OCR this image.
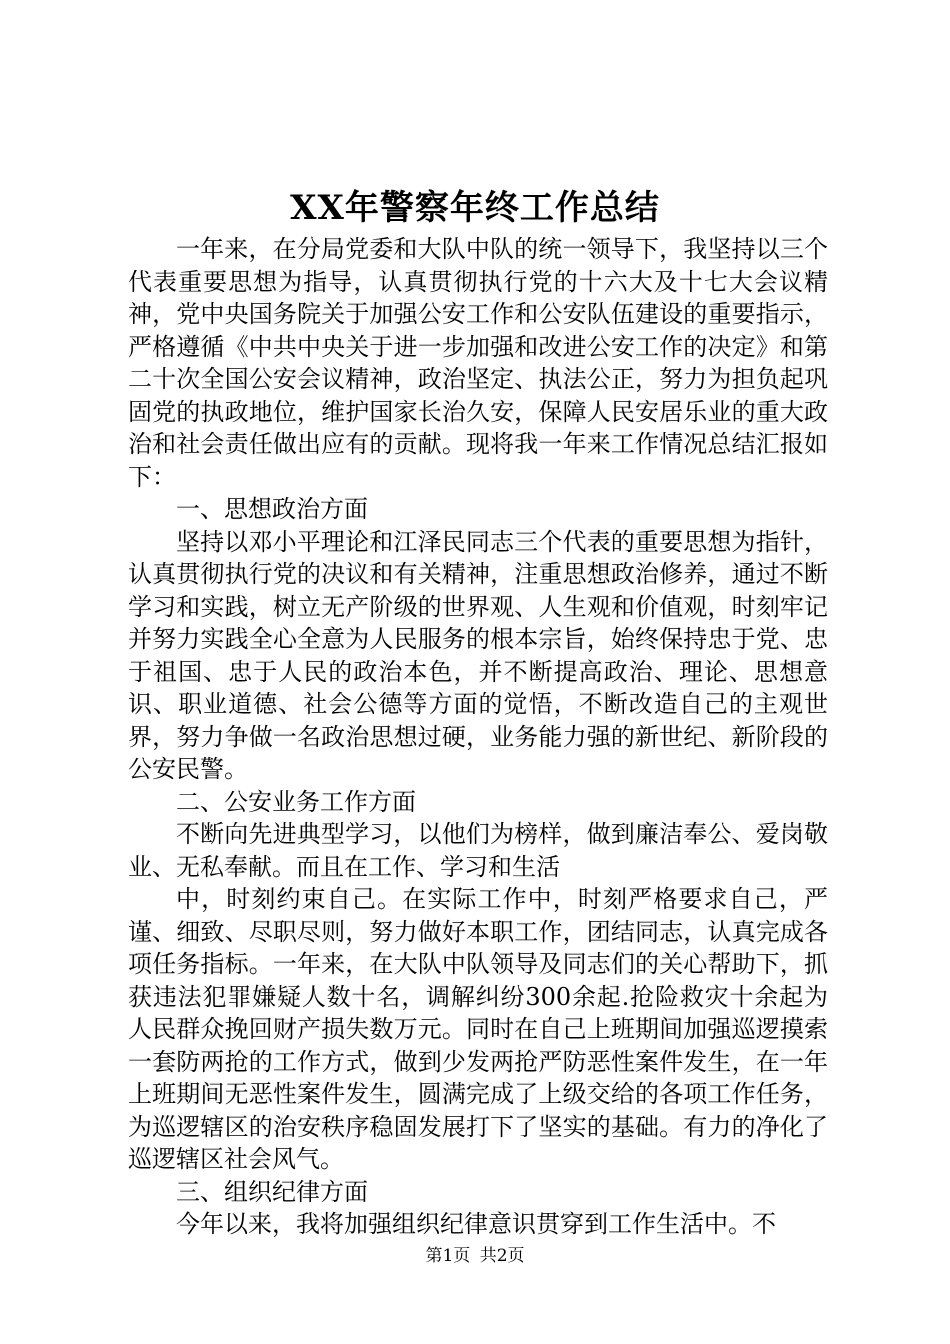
XX年警察年终工作总结

一年来，在分局党委和大队中队的统一领导下，我坚持以三个代表重要思想为指导，认真贯彻执行党的十六大及十七大会议精神，党中央国务院关于加强公安工作和公安队伍建设的重要指示，严格遵循《中共中央关于进一步加强和改进公安工作的决定》和第二十次全国公安会议精神，政治坚定、执法公正，努力为担负起巩固党的执政地位，维护国家长治久安，保障人民安居乐业的重大政治和社会责任做出应有的贡献。现将我一年来工作情况总结汇报如下：

一、思想政治方面

坚持以邓小平理论和江泽民同志三个代表的重要思想为指针，认真贯彻执行党的决议和有关精神，注重思想政治修养，通过不断学习和实践，树立无产阶级的世界观、人生观和价值观，时刻牢记并努力实践全心全意为人民服务的根本宗旨，始终保持忠于党、忠于祖国、忠于人民的政治本色，并不断提高政治、理论、思想意识、职业道德、社会公德等方面的觉悟，不断改造自己的主观世界，努力争做一名政治思想过硬，业务能力强的新世纪、新阶段的公安民警。

二、公安业务工作方面

不断向先进典型学习，以他们为榜样，做到廉洁奉公、爱岗敬业、无私奉献。而且在工作、学习和生活

中，时刻约束自己。在实际工作中，时刻严格要求自己，严谨、细致、尽职尽则，努力做好本职工作，团结同志，认真完成各项任务指标。一年来，在大队中队领导及同志们的关心帮助下，抓获违法犯罪嫌疑人数十名，调解纠纷300余起.抢险救灾十余起为人民群众挽回财产损失数万元。同时在自己上班期间加强巡逻摸索一套防两抢的工作方式，做到少发两抢严防恶性案件发生，在一年上班期间无恶性案件发生，圆满完成了上级交给的各项工作任务，为巡逻辖区的治安秩序稳固发展打下了坚实的基础。有力的净化了巡逻辖区社会风气。

三、组织纪律方面

今年以来，我将加强组织纪律意识贯穿到工作生活中。不

第1页 共2页
